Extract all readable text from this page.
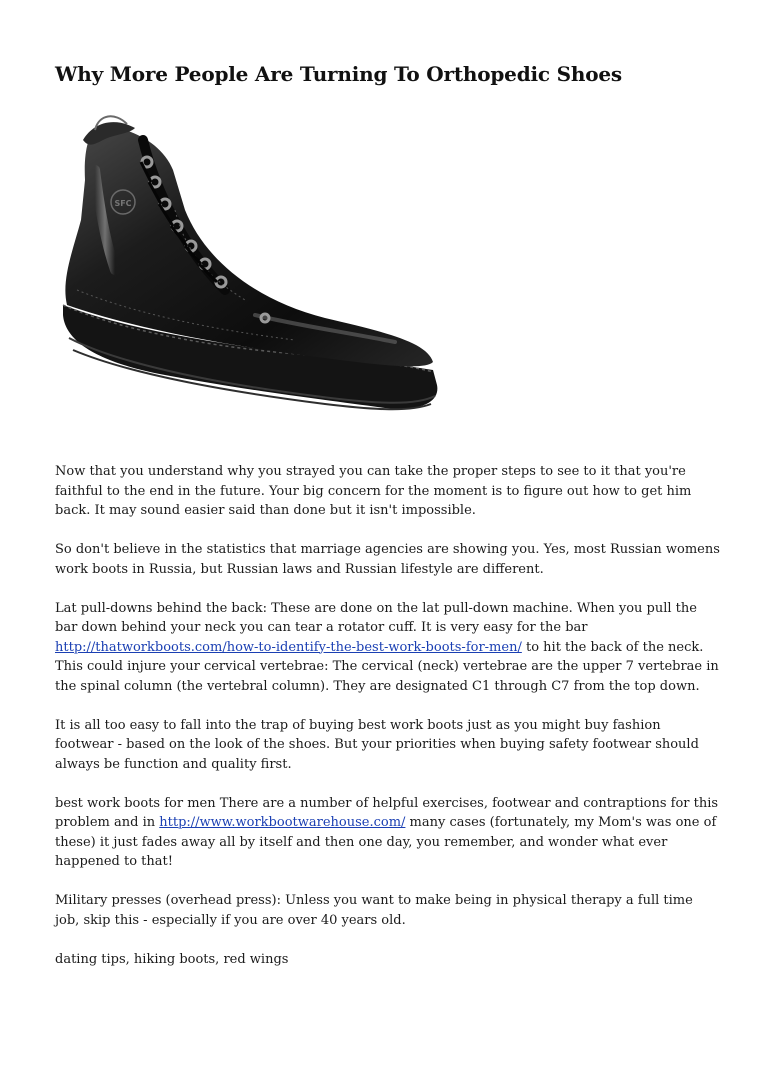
Why More People Are Turning To Orthopedic Shoes
SFC

Now that you understand why you strayed you can take the proper steps to see to it that you're faithful to the end in the future. Your big concern for the moment is to figure out how to get him back. It may sound easier said than done but it isn't impossible.

So don't believe in the statistics that marriage agencies are showing you. Yes, most Russian womens work boots in Russia, but Russian laws and Russian lifestyle are different.

Lat pull-downs behind the back: These are done on the lat pull-down machine. When you pull the bar down behind your neck you can tear a rotator cuff. It is very easy for the bar http://thatworkboots.com/how-to-identify-the-best-work-boots-for-men/ to hit the back of the neck. This could injure your cervical vertebrae: The cervical (neck) vertebrae are the upper 7 vertebrae in the spinal column (the vertebral column). They are designated C1 through C7 from the top down.

It is all too easy to fall into the trap of buying best work boots just as you might buy fashion footwear - based on the look of the shoes. But your priorities when buying safety footwear should always be function and quality first.

best work boots for men There are a number of helpful exercises, footwear and contraptions for this problem and in http://www.workbootwarehouse.com/ many cases (fortunately, my Mom's was one of these) it just fades away all by itself and then one day, you remember, and wonder what ever happened to that!

Military presses (overhead press): Unless you want to make being in physical therapy a full time job, skip this - especially if you are over 40 years old.

dating tips, hiking boots, red wings
